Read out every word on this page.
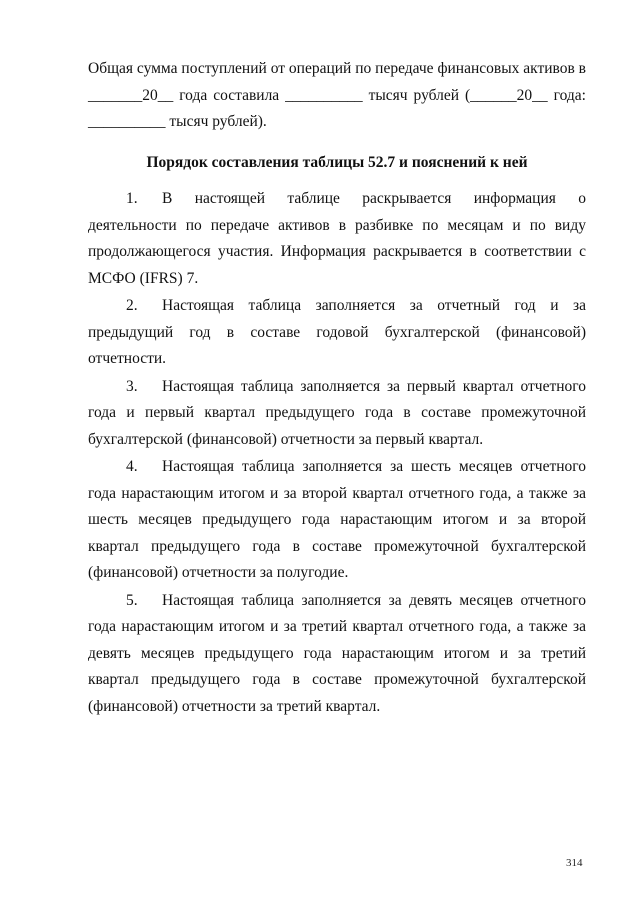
Общая сумма поступлений от операций по передаче финансовых активов в
_______20__ года составила __________ тысяч рублей (______20__ года:
__________ тысяч рублей).

Порядок составления таблицы 52.7 и пояснений к ней

1. В настоящей таблице раскрывается информация о деятельности по передаче активов в разбивке по месяцам и по виду продолжающегося участия. Информация раскрывается в соответствии с МСФО (IFRS) 7.

2. Настоящая таблица заполняется за отчетный год и за предыдущий год в составе годовой бухгалтерской (финансовой) отчетности.

3. Настоящая таблица заполняется за первый квартал отчетного года и первый квартал предыдущего года в составе промежуточной бухгалтерской (финансовой) отчетности за первый квартал.

4. Настоящая таблица заполняется за шесть месяцев отчетного года нарастающим итогом и за второй квартал отчетного года, а также за шесть месяцев предыдущего года нарастающим итогом и за второй квартал предыдущего года в составе промежуточной бухгалтерской (финансовой) отчетности за полугодие.

5. Настоящая таблица заполняется за девять месяцев отчетного года нарастающим итогом и за третий квартал отчетного года, а также за девять месяцев предыдущего года нарастающим итогом и за третий квартал предыдущего года в составе промежуточной бухгалтерской (финансовой) отчетности за третий квартал.

314
